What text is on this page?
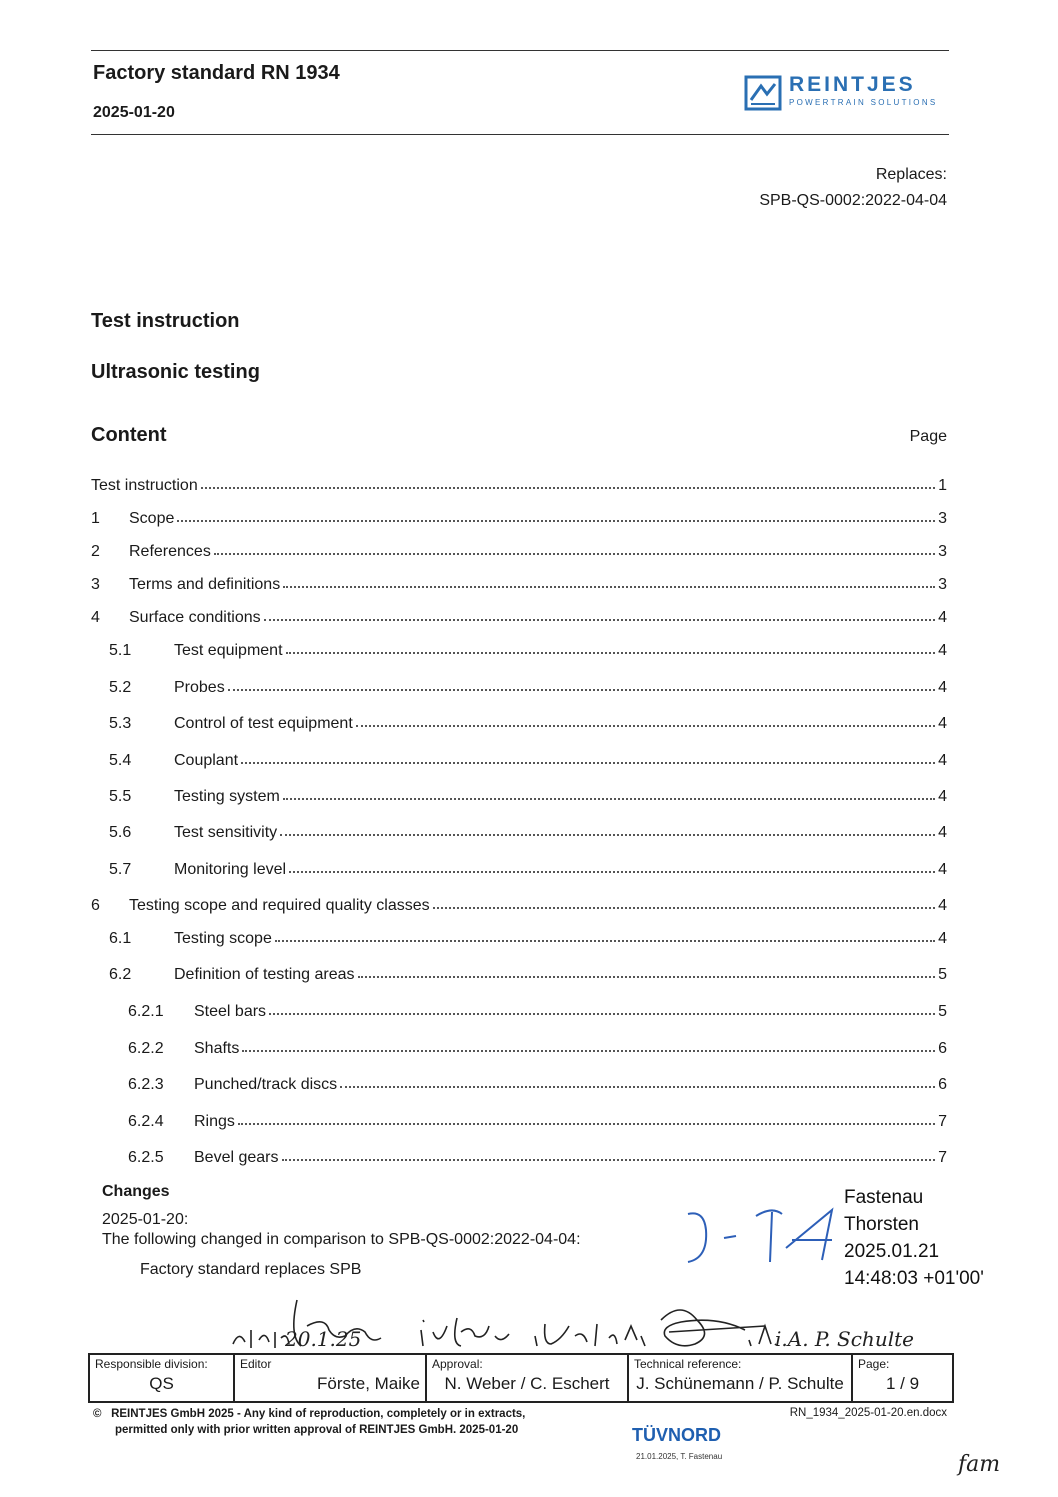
Factory standard RN 1934
2025-01-20
REINTJES
POWERTRAIN SOLUTIONS
Replaces:
SPB-QS-0002:2022-04-04
Test instruction
Ultrasonic testing
Content	Page
Test instruction	1
1	Scope	3
2	References	3
3	Terms and definitions	3
4	Surface conditions	4
5.1	Test equipment	4
5.2	Probes	4
5.3	Control of test equipment	4
5.4	Couplant	4
5.5	Testing system	4
5.6	Test sensitivity	4
5.7	Monitoring level	4
6	Testing scope and required quality classes	4
6.1	Testing scope	4
6.2	Definition of testing areas	5
6.2.1	Steel bars	5
6.2.2	Shafts	6
6.2.3	Punched/track discs	6
6.2.4	Rings	7
6.2.5	Bevel gears	7
Changes
2025-01-20:
The following changed in comparison to SPB-QS-0002:2022-04-04:
Factory standard replaces SPB
Fastenau
Thorsten
2025.01.21
14:48:03 +01'00'
20.1.25	i.A. P. Schulte
Responsible division:
QS

Editor
Förste, Maike

Approval:
N. Weber / C. Eschert

Technical reference:
J. Schünemann / P. Schulte

Page:
1 / 9
© REINTJES GmbH 2025 - Any kind of reproduction, completely or in extracts,
permitted only with prior written approval of REINTJES GmbH. 2025-01-20
RN_1934_2025-01-20.en.docx
TÜVNORD
21.01.2025, T. Fastenau	fam
